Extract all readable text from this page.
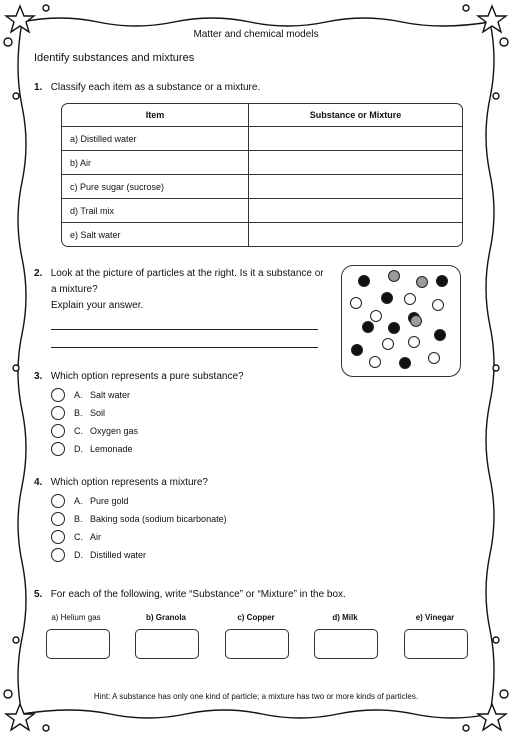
Matter and chemical models
Identify substances and mixtures
1. Classify each item as a substance or a mixture.
Item	Substance or Mixture
a) Distilled water	
b) Air	
c) Pure sugar (sucrose)	
d) Trail mix	
e) Salt water	
2. Look at the picture of particles at the right. Is it a substance or
a mixture?
Explain your answer.
3. Which option represents a pure substance?
A. Salt water
B. Soil
C. Oxygen gas
D. Lemonade
4. Which option represents a mixture?
A. Pure gold
B. Baking soda (sodium bicarbonate)
C. Air
D. Distilled water
5. For each of the following, write “Substance” or “Mixture” in the box.
a) Helium gas	b) Granola	c) Copper	d) Milk	e) Vinegar
Hint: A substance has only one kind of particle; a mixture has two or more kinds of particles.
